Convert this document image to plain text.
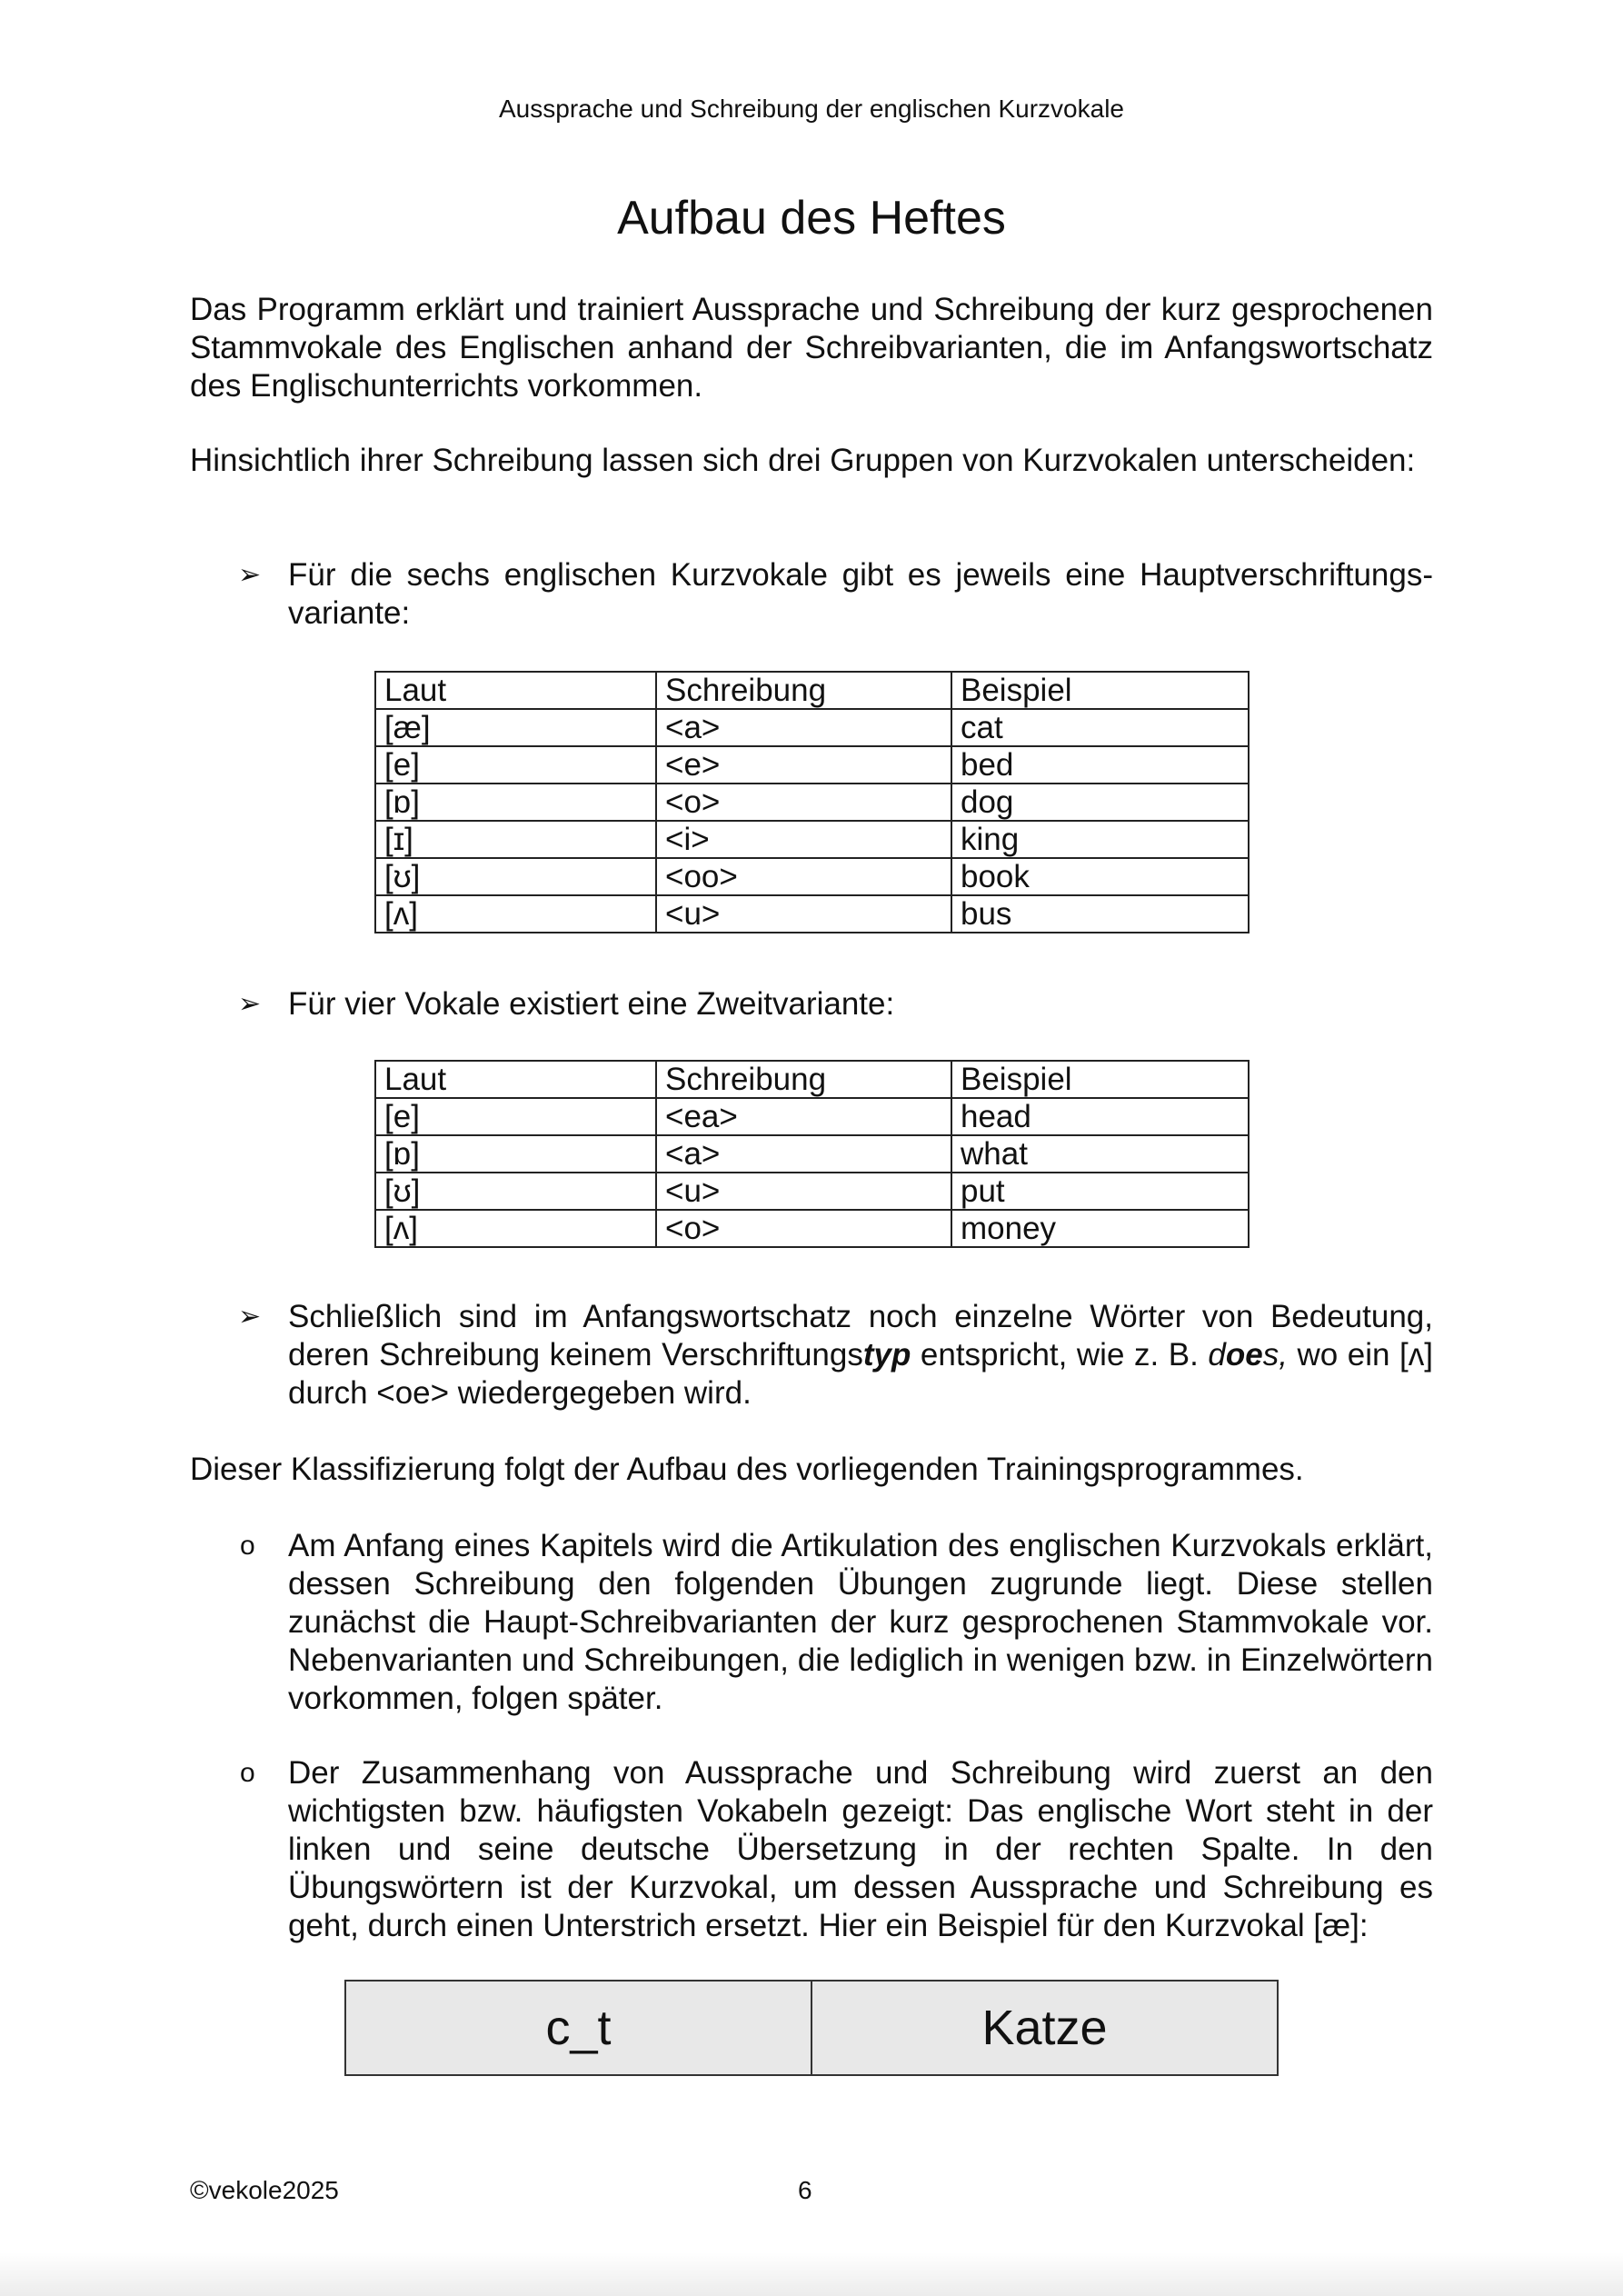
Aussprache und Schreibung der englischen Kurzvokale
Aufbau des Heftes
Das Programm erklärt und trainiert Aussprache und Schreibung der kurz gesprochenen Stammvokale des Englischen anhand der Schreibvarianten, die im Anfangswortschatz des Englischunterrichts vorkommen.
Hinsichtlich ihrer Schreibung lassen sich drei Gruppen von Kurzvokalen unterscheiden:
➢ Für die sechs englischen Kurzvokale gibt es jeweils eine Hauptverschriftungsvariante:
Laut	Schreibung	Beispiel
[æ]	<a>	cat
[e]	<e>	bed
[ɒ]	<o>	dog
[ɪ]	<i>	king
[ʊ]	<oo>	book
[ʌ]	<u>	bus
➢ Für vier Vokale existiert eine Zweitvariante:
Laut	Schreibung	Beispiel
[e]	<ea>	head
[ɒ]	<a>	what
[ʊ]	<u>	put
[ʌ]	<o>	money
➢ Schließlich sind im Anfangswortschatz noch einzelne Wörter von Bedeutung, deren Schreibung keinem Verschriftungstyp entspricht, wie z. B. does, wo ein [ʌ] durch <oe> wiedergegeben wird.
Dieser Klassifizierung folgt der Aufbau des vorliegenden Trainingsprogrammes.
o Am Anfang eines Kapitels wird die Artikulation des englischen Kurzvokals erklärt, dessen Schreibung den folgenden Übungen zugrunde liegt. Diese stellen zunächst die Haupt-Schreibvarianten der kurz gesprochenen Stammvokale vor. Nebenvarianten und Schreibungen, die lediglich in wenigen bzw. in Einzelwörtern vorkommen, folgen später.
o Der Zusammenhang von Aussprache und Schreibung wird zuerst an den wichtigsten bzw. häufigsten Vokabeln gezeigt: Das englische Wort steht in der linken und seine deutsche Übersetzung in der rechten Spalte. In den Übungswörtern ist der Kurzvokal, um dessen Aussprache und Schreibung es geht, durch einen Unterstrich ersetzt. Hier ein Beispiel für den Kurzvokal [æ]:
c_t	Katze
©vekole2025	6
